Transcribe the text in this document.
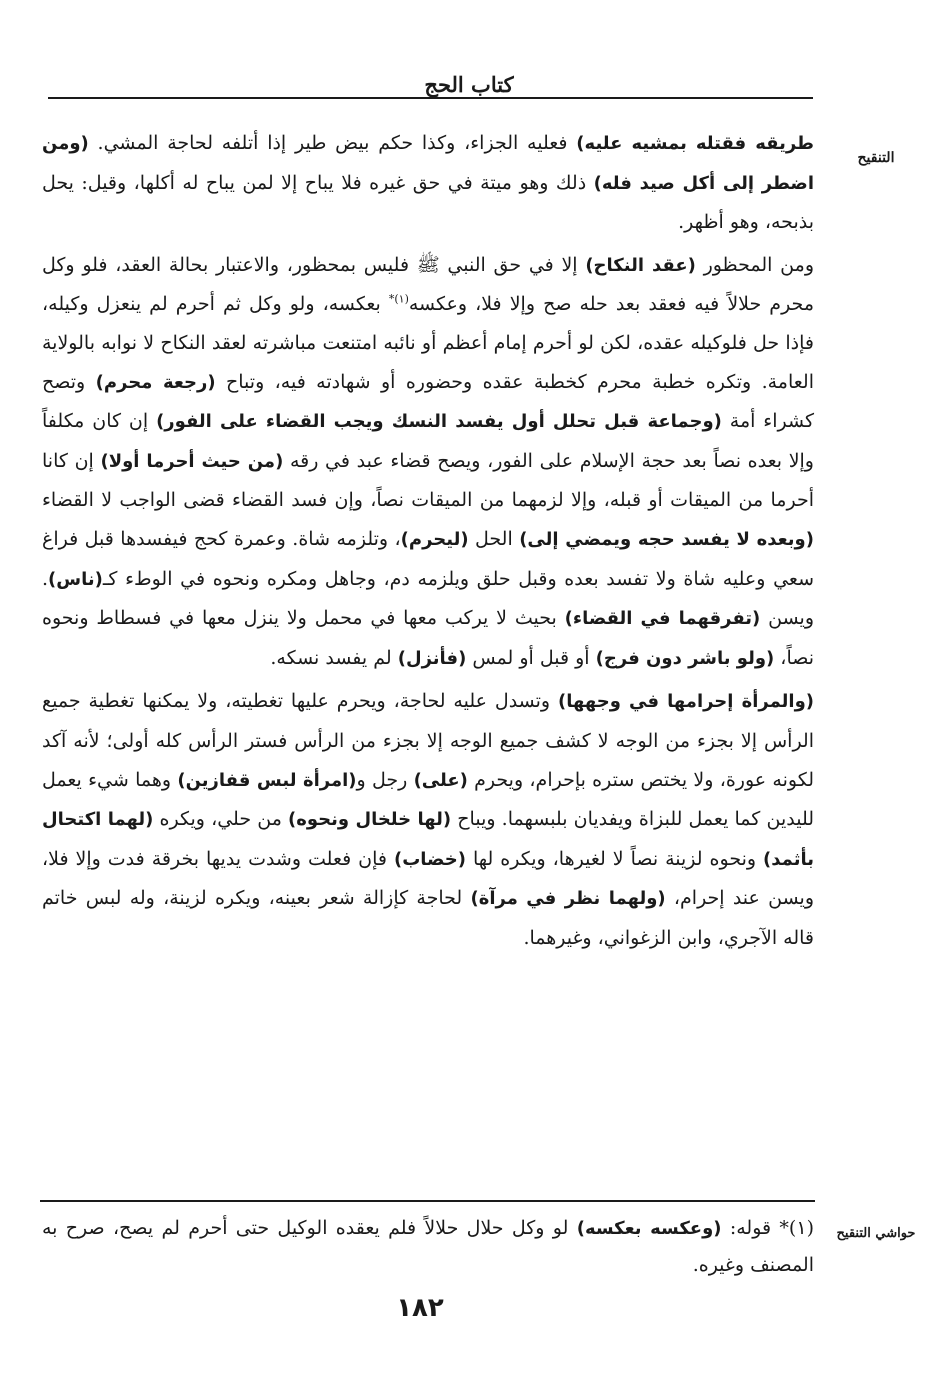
كتاب الحج
التنقيح

طريقه فقتله بمشيه عليه) فعليه الجزاء، وكذا حكم بيض طير إذا أتلفه لحاجة المشي. (ومن اضطر إلى أكل صيد فله) ذلك وهو ميتة في حق غيره فلا يباح إلا لمن يباح له أكلها، وقيل: يحل بذبحه، وهو أظهر.

ومن المحظور (عقد النكاح) إلا في حق النبي ﷺ فليس بمحظور، والاعتبار بحالة العقد، فلو وكل محرم حلالاً فيه فعقد بعد حله صح وإلا فلا، وعكسه$^{(١)*}$ بعكسه، ولو وكل ثم أحرم لم ينعزل وكيله، فإذا حل فلوكيله عقده، لكن لو أحرم إمام أعظم أو نائبه امتنعت مباشرته لعقد النكاح لا نوابه بالولاية العامة. وتكره خطبة محرم كخطبة عقده وحضوره أو شهادته فيه، وتباح (رجعة محرم) وتصح كشراء أمة (وجماعة قبل تحلل أول يفسد النسك ويجب القضاء على الفور) إن كان مكلفاً وإلا بعده نصاً بعد حجة الإسلام على الفور، ويصح قضاء عبد في رقه (من حيث أحرما أولا) إن كانا أحرما من الميقات أو قبله، وإلا لزمهما من الميقات نصاً، وإن فسد القضاء قضى الواجب لا القضاء (وبعده لا يفسد حجه ويمضي إلى) الحل (ليحرم)، وتلزمه شاة. وعمرة كحج فيفسدها قبل فراغ سعي وعليه شاة ولا تفسد بعده وقبل حلق ويلزمه دم، وجاهل ومكره ونحوه في الوطء كـ(ناس). ويسن (تفرقهما في القضاء) بحيث لا يركب معها في محمل ولا ينزل معها في فسطاط ونحوه نصاً، (ولو باشر دون فرج) أو قبل أو لمس (فأنزل) لم يفسد نسكه.

(والمرأة إحرامها في وجهها) وتسدل عليه لحاجة، ويحرم عليها تغطيته، ولا يمكنها تغطية جميع الرأس إلا بجزء من الوجه لا كشف جميع الوجه إلا بجزء من الرأس فستر الرأس كله أولى؛ لأنه آكد لكونه عورة، ولا يختص ستره بإحرام، ويحرم (على) رجل و(امرأة لبس قفازين) وهما شيء يعمل لليدين كما يعمل للبزاة ويفديان بلبسهما. ويباح (لها خلخال ونحوه) من حلي، ويكره (لهما اكتحال بأثمد) ونحوه لزينة نصاً لا لغيرها، ويكره لها (خضاب) فإن فعلت وشدت يديها بخرقة فدت وإلا فلا، ويسن عند إحرام، (ولهما نظر في مرآة) لحاجة كإزالة شعر بعينه، ويكره لزينة، وله لبس خاتم قاله الآجري، وابن الزغواني، وغيرهما.

حواشي التنقيح
(١)* قوله: (وعكسه بعكسه) لو وكل حلال حلالاً فلم يعقده الوكيل حتى أحرم لم يصح، صرح به المصنف وغيره.
١٨٢
